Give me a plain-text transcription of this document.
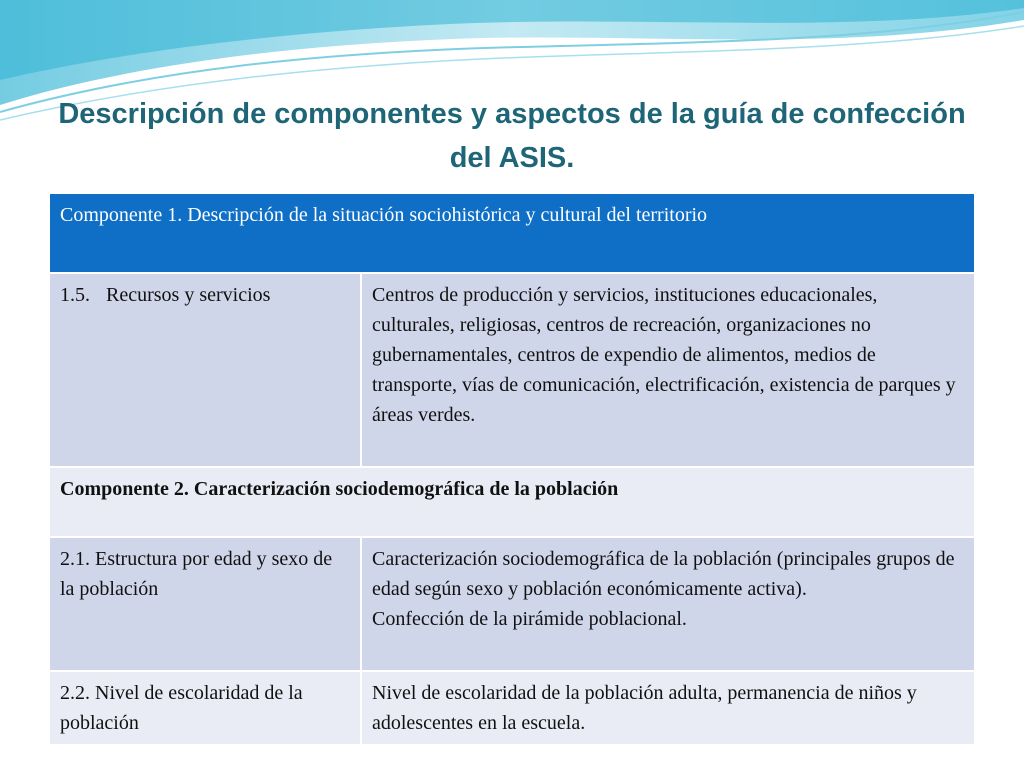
Descripción de componentes y aspectos de la guía de confección del ASIS.
Componente 1. Descripción de la situación sociohistórica y cultural del territorio	
1.5. Recursos y servicios	Centros de producción y servicios, instituciones educacionales, culturales, religiosas, centros de recreación, organizaciones no gubernamentales, centros de expendio de alimentos, medios de transporte, vías de comunicación, electrificación, existencia de parques y áreas verdes.
Componente 2. Caracterización sociodemográfica de la población	
2.1. Estructura por edad y sexo de la población	Caracterización sociodemográfica de la población (principales grupos de edad según sexo y población económicamente activa).
Confección de la pirámide poblacional.

2.2. Nivel de escolaridad de la población	Nivel de escolaridad de la población adulta, permanencia de niños y adolescentes en la escuela.
